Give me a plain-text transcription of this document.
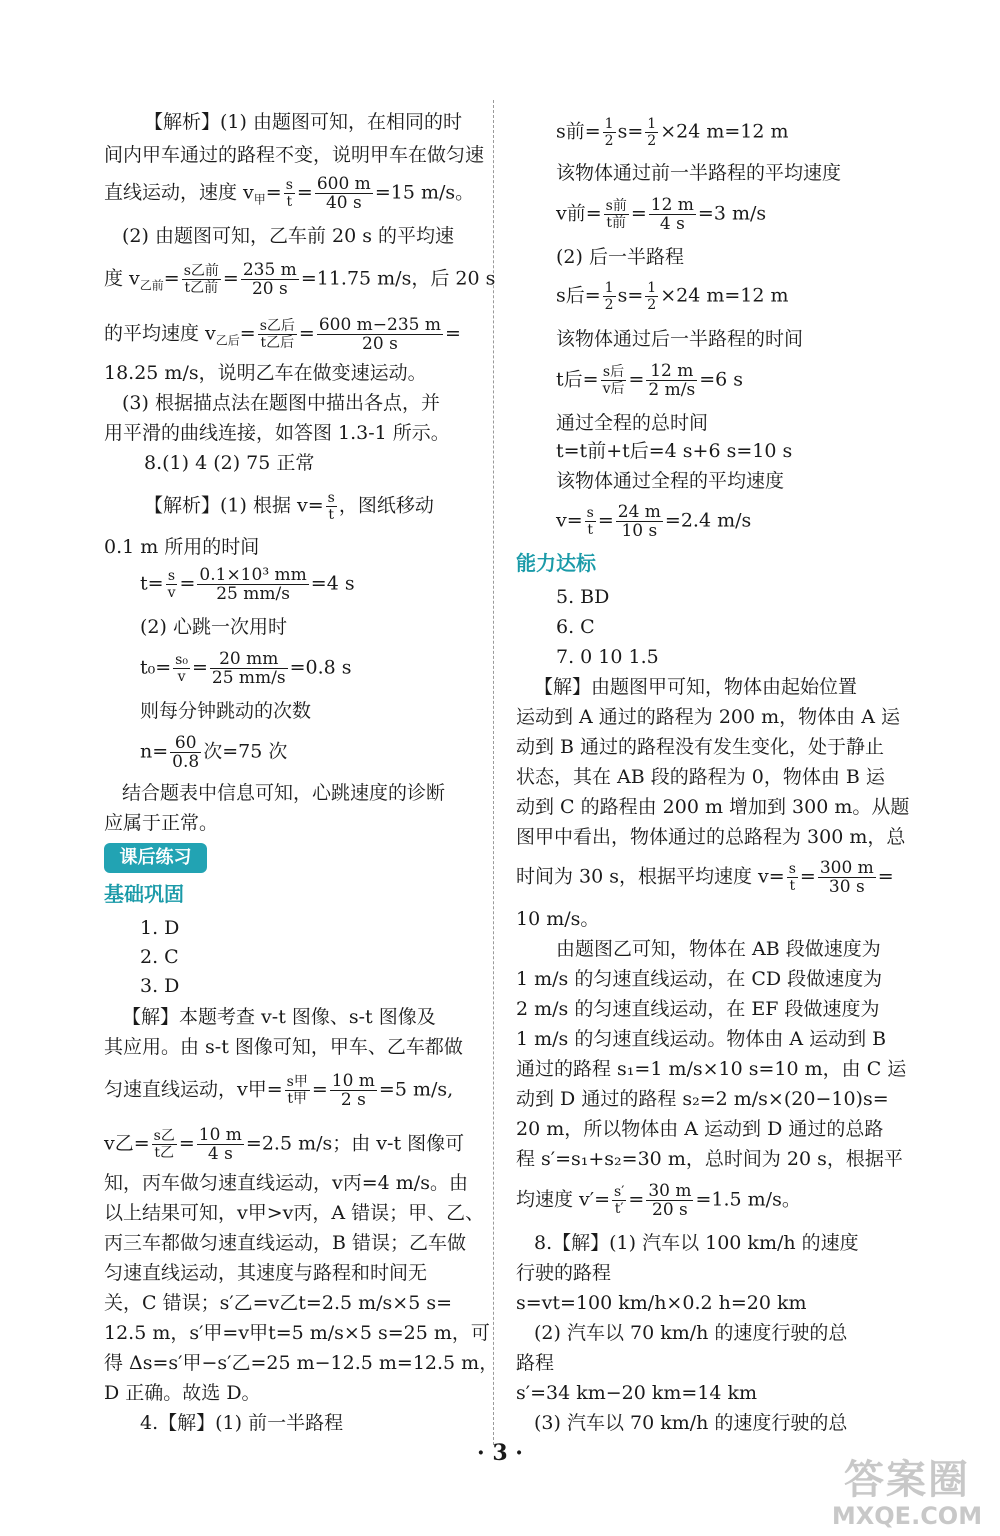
【解析】(1) 由题图可知，在相同的时
间内甲车通过的路程不变，说明甲车在做匀速
直线运动，速度 $v_甲= \frac{s}{t} = \frac{600 m}{40 s} =15$ m/s。
(2) 由题图可知，乙车前 20 s 的平均速
度 $v_{乙前}= s$乙前
t乙前 = $\frac{235 m}{20 s} =11.75$ m/s，后 20 s
的平均速度 $v_{乙后}= s$乙后
t乙后 = $\frac{600 m-235 m}{20 s}$ =
18.25 m/s，说明乙车在做变速运动。
(3) 根据描点法在题图中描出各点，并
用平滑的曲线连接，如答图 1.3-1 所示。
8.(1) 4 (2) 75 正常
【解析】(1) 根据 $v= \frac{s}{t}$ ，图纸移动
0.1 m 所用的时间
$t= \frac{s}{v} = \frac{\text{0.1×10³ mm}}{25 mm/s} =4$ s
(2) 心跳一次用时
$t_0= \frac{\text{s₀}}{v} = \frac{20 mm}{25 mm/s} =0.8$ s
则每分钟跳动的次数
$n= \frac{60}{0.8}$ 次=75 次
结合题表中信息可知，心跳速度的诊断
应属于正常。
课后练习
基础巩固
1. D
2. C
3. D
【解】本题考查 v-t 图像、s-t 图像及
其应用。由 s-t 图像可知，甲车、乙车都做
匀速直线运动，v甲= s甲
t甲 = $\frac{10 m}{2 s} =5$ m/s,
v乙= s乙
t乙 = $\frac{10 m}{4 s} =2.5$ m/s；由 v-t 图像可
知，丙车做匀速直线运动，v丙=4 m/s。由
以上结果可知，v甲>v丙，A 错误；甲、乙、
丙三车都做匀速直线运动，B 错误；乙车做
匀速直线运动，其速度与路程和时间无
关，C 错误；s′乙=v乙t=2.5 m/s×5 s=
12.5 m，s′甲=v甲t=5 m/s×5 s=25 m，可
得 Δs=s′甲−s′乙=25 m−12.5 m=12.5 m，
D 正确。故选 D。
4.【解】(1) 前一半路程
s前= $\frac{1}{2} s= \frac{1}{2} \times 24$ m=12 m
该物体通过前一半路程的平均速度
v前= s前
t前 = $\frac{12 m}{4 s} =3$ m/s
(2) 后一半路程
s后= $\frac{1}{2} s= \frac{1}{2} \times 24$ m=12 m
该物体通过后一半路程的时间
t后= s后
v后 = $\frac{12 m}{2 m/s} =6$ s
通过全程的总时间
t=t前+t后=4 s+6 s=10 s
该物体通过全程的平均速度
$v= \frac{s}{t} = \frac{24 m}{10 s} =2.4$ m/s
能力达标
5. BD
6. C
7. 0 10 1.5
【解】由题图甲可知，物体由起始位置
运动到 A 通过的路程为 200 m，物体由 A 运
动到 B 通过的路程没有发生变化，处于静止
状态，其在 AB 段的路程为 0，物体由 B 运
动到 C 的路程由 200 m 增加到 300 m。从题
图甲中看出，物体通过的总路程为 300 m，总
时间为 30 s，根据平均速度 $v= \frac{s}{t} = \frac{300 m}{30 s}$ =
10 m/s。
由题图乙可知，物体在 AB 段做速度为
1 m/s 的匀速直线运动，在 CD 段做速度为
2 m/s 的匀速直线运动，在 EF 段做速度为
1 m/s 的匀速直线运动。物体由 A 运动到 B
通过的路程 s₁=1 m/s×10 s=10 m，由 C 运
动到 D 通过的路程 s₂=2 m/s×(20−10)s=
20 m，所以物体由 A 运动到 D 通过的总路
程 s′=s₁+s₂=30 m，总时间为 20 s，根据平
均速度 $v'= \frac{s'}{t'} = \frac{30 m}{20 s} =1.5$ m/s。
8.【解】(1) 汽车以 100 km/h 的速度
行驶的路程
s=vt=100 km/h×0.2 h=20 km
(2) 汽车以 70 km/h 的速度行驶的总
路程
s′=34 km−20 km=14 km
(3) 汽车以 70 km/h 的速度行驶的总
· 3 ·
答案圈
MXQE.COM
